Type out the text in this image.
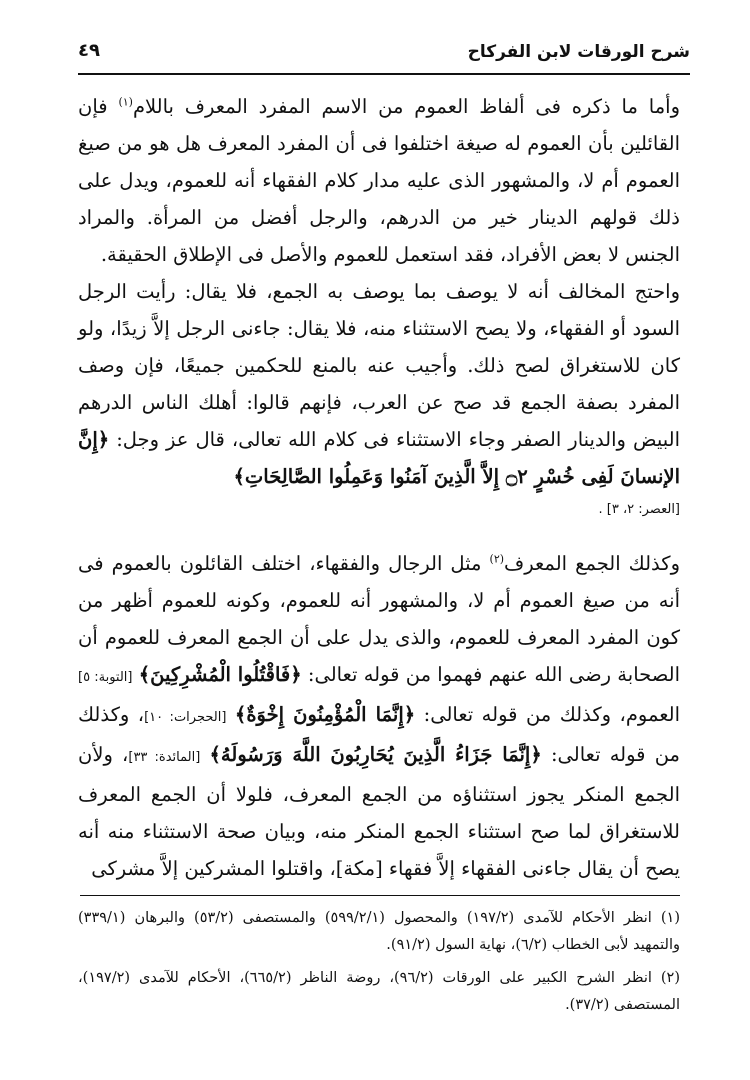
شرح الورقات لابن الفركاح
٤٩

وأما ما ذكره فى ألفاظ العموم من الاسم المفرد المعرف باللام$^{(١)}$ فإن القائلين بأن العموم له صيغة اختلفوا فى أن المفرد المعرف هل هو من صيغ العموم أم لا، والمشهور الذى عليه مدار كلام الفقهاء أنه للعموم، ويدل على ذلك قولهم الدينار خير من الدرهم، والرجل أفضل من المرأة. والمراد الجنس لا بعض الأفراد، فقد استعمل للعموم والأصل فى الإطلاق الحقيقة.

واحتج المخالف أنه لا يوصف بما يوصف به الجمع، فلا يقال: رأيت الرجل السود أو الفقهاء، ولا يصح الاستثناء منه، فلا يقال: جاءنى الرجل إلاَّ زيدًا، ولو كان للاستغراق لصح ذلك. وأجيب عنه بالمنع للحكمين جميعًا، فإن وصف المفرد بصفة الجمع قد صح عن العرب، فإنهم قالوا: أهلك الناس الدرهم البيض والدينار الصفر وجاء الاستثناء فى كلام الله تعالى، قال عز وجل: ﴿إِنَّ الإنسانَ لَفِى خُسْرٍ ۝٢ إِلاَّ الَّذِينَ آمَنُوا وَعَمِلُوا الصَّالِحَاتِ﴾

[العصر: ٢، ٣] .

وكذلك الجمع المعرف$^{(٢)}$ مثل الرجال والفقهاء، اختلف القائلون بالعموم فى أنه من صيغ العموم أم لا، والمشهور أنه للعموم، وكونه للعموم أظهر من كون المفرد المعرف للعموم، والذى يدل على أن الجمع المعرف للعموم أن الصحابة رضى الله عنهم فهموا من قوله تعالى: ﴿فَاقْتُلُوا الْمُشْرِكِينَ﴾ [التوبة: ٥] العموم، وكذلك من قوله تعالى: ﴿إِنَّمَا الْمُؤْمِنُونَ إِخْوَةٌ﴾ [الحجرات: ١٠]، وكذلك من قوله تعالى: ﴿إِنَّمَا جَزَاءُ الَّذِينَ يُحَارِبُونَ اللَّهَ وَرَسُولَهُ﴾ [المائدة: ٣٣]، ولأن الجمع المنكر يجوز استثناؤه من الجمع المعرف، فلولا أن الجمع المعرف للاستغراق لما صح استثناء الجمع المنكر منه، وبيان صحة الاستثناء منه أنه يصح أن يقال جاءنى الفقهاء إلاَّ فقهاء [مكة]، واقتلوا المشركين إلاَّ مشركى

(١) انظر الأحكام للآمدى (١٩٧/٢) والمحصول (٥٩٩/٢/١) والمستصفى (٥٣/٢) والبرهان (٣٣٩/١) والتمهيد لأبى الخطاب (٦/٢)، نهاية السول (٩١/٢).

(٢) انظر الشرح الكبير على الورقات (٩٦/٢)، روضة الناظر (٦٦٥/٢)، الأحكام للآمدى (١٩٧/٢)، المستصفى (٣٧/٢).
